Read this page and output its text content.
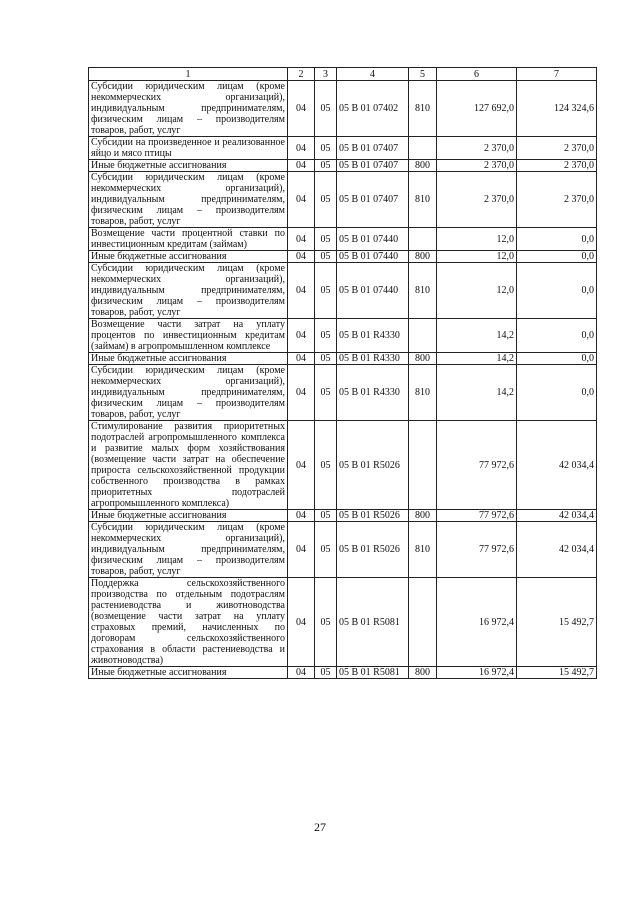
1	2	3	4	5	6	7
Субсидии юридическим лицам (кроме некоммерческих организаций), индивидуальным предпринимателям, физическим лицам – производителям товаров, работ, услуг	04	05	05 В 01 07402	810	127 692,0	124 324,6
Субсидии на произведенное и реализованное яйцо и мясо птицы	04	05	05 В 01 07407		2 370,0	2 370,0
Иные бюджетные ассигнования	04	05	05 В 01 07407	800	2 370,0	2 370,0
Субсидии юридическим лицам (кроме некоммерческих организаций), индивидуальным предпринимателям, физическим лицам – производителям товаров, работ, услуг	04	05	05 В 01 07407	810	2 370,0	2 370,0
Возмещение части процентной ставки по инвестиционным кредитам (займам)	04	05	05 В 01 07440		12,0	0,0
Иные бюджетные ассигнования	04	05	05 В 01 07440	800	12,0	0,0
Субсидии юридическим лицам (кроме некоммерческих организаций), индивидуальным предпринимателям, физическим лицам – производителям товаров, работ, услуг	04	05	05 В 01 07440	810	12,0	0,0
Возмещение части затрат на уплату процентов по инвестиционным кредитам (займам) в агропромышленном комплексе	04	05	05 В 01 R4330		14,2	0,0
Иные бюджетные ассигнования	04	05	05 В 01 R4330	800	14,2	0,0
Субсидии юридическим лицам (кроме некоммерческих организаций), индивидуальным предпринимателям, физическим лицам – производителям товаров, работ, услуг	04	05	05 В 01 R4330	810	14,2	0,0
Стимулирование развития приоритетных подотраслей агропромышленного комплекса и развитие малых форм хозяйствования (возмещение части затрат на обеспечение прироста сельскохозяйственной продукции собственного производства в рамках приоритетных подотраслей агропромышленного комплекса)	04	05	05 В 01 R5026		77 972,6	42 034,4
Иные бюджетные ассигнования	04	05	05 В 01 R5026	800	77 972,6	42 034,4
Субсидии юридическим лицам (кроме некоммерческих организаций), индивидуальным предпринимателям, физическим лицам – производителям товаров, работ, услуг	04	05	05 В 01 R5026	810	77 972,6	42 034,4
Поддержка сельскохозяйственного производства по отдельным подотраслям растениеводства и животноводства (возмещение части затрат на уплату страховых премий, начисленных по договорам сельскохозяйственного страхования в области растениеводства и животноводства)	04	05	05 В 01 R5081		16 972,4	15 492,7
Иные бюджетные ассигнования	04	05	05 В 01 R5081	800	16 972,4	15 492,7
27
